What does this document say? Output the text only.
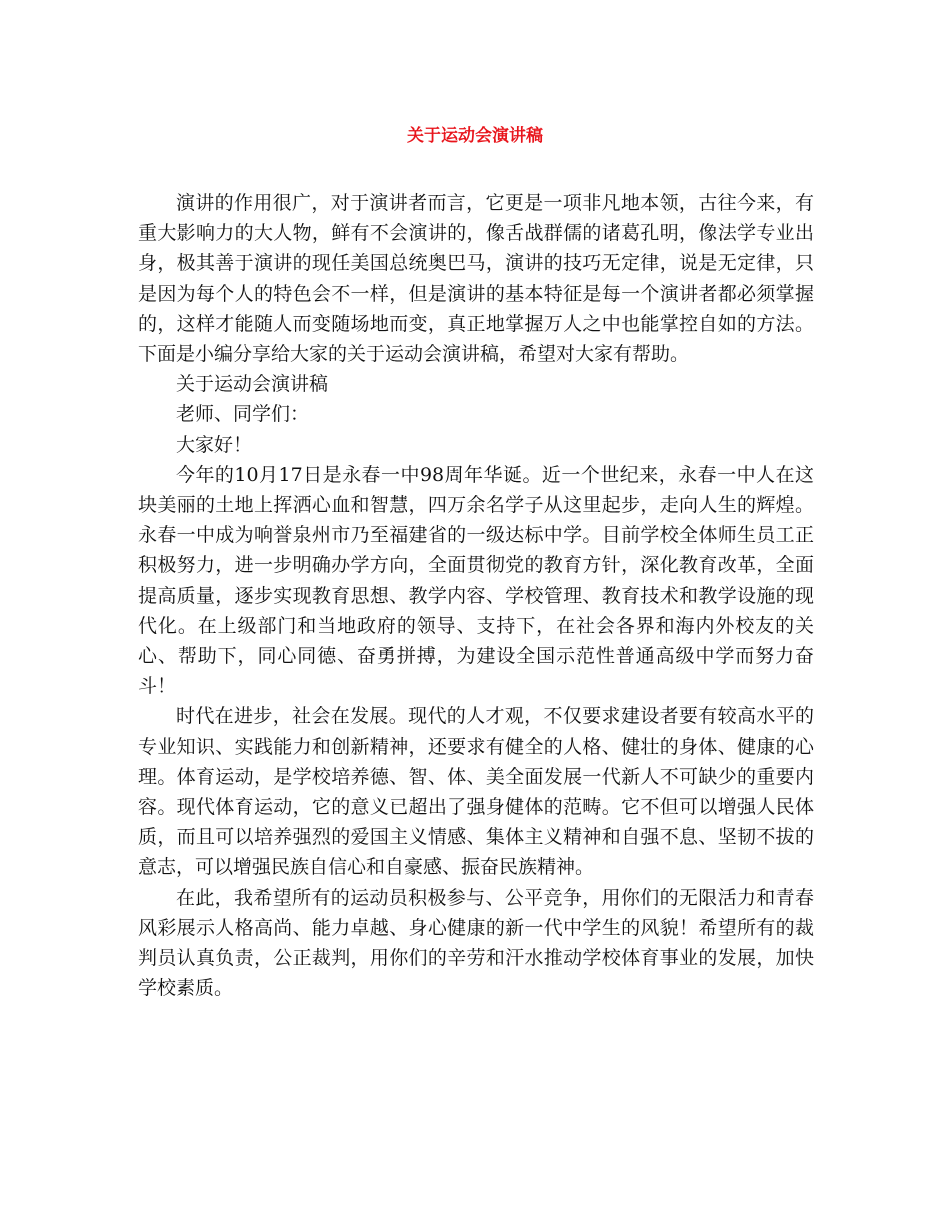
关于运动会演讲稿

演讲的作用很广，对于演讲者而言，它更是一项非凡地本领，古往今来，有重大影响力的大人物，鲜有不会演讲的，像舌战群儒的诸葛孔明，像法学专业出身，极其善于演讲的现任美国总统奥巴马，演讲的技巧无定律，说是无定律，只是因为每个人的特色会不一样，但是演讲的基本特征是每一个演讲者都必须掌握的，这样才能随人而变随场地而变，真正地掌握万人之中也能掌控自如的方法。下面是小编分享给大家的关于运动会演讲稿，希望对大家有帮助。

关于运动会演讲稿

老师、同学们：

大家好！

今年的10月17日是永春一中98周年华诞。近一个世纪来，永春一中人在这块美丽的土地上挥洒心血和智慧，四万余名学子从这里起步，走向人生的辉煌。永春一中成为响誉泉州市乃至福建省的一级达标中学。目前学校全体师生员工正积极努力，进一步明确办学方向，全面贯彻党的教育方针，深化教育改革，全面提高质量，逐步实现教育思想、教学内容、学校管理、教育技术和教学设施的现代化。在上级部门和当地政府的领导、支持下，在社会各界和海内外校友的关心、帮助下，同心同德、奋勇拼搏，为建设全国示范性普通高级中学而努力奋斗！

时代在进步，社会在发展。现代的人才观，不仅要求建设者要有较高水平的专业知识、实践能力和创新精神，还要求有健全的人格、健壮的身体、健康的心理。体育运动，是学校培养德、智、体、美全面发展一代新人不可缺少的重要内容。现代体育运动，它的意义已超出了强身健体的范畴。它不但可以增强人民体质，而且可以培养强烈的爱国主义情感、集体主义精神和自强不息、坚韧不拔的意志，可以增强民族自信心和自豪感、振奋民族精神。

在此，我希望所有的运动员积极参与、公平竞争，用你们的无限活力和青春风彩展示人格高尚、能力卓越、身心健康的新一代中学生的风貌！希望所有的裁判员认真负责，公正裁判，用你们的辛劳和汗水推动学校体育事业的发展，加快学校素质。
